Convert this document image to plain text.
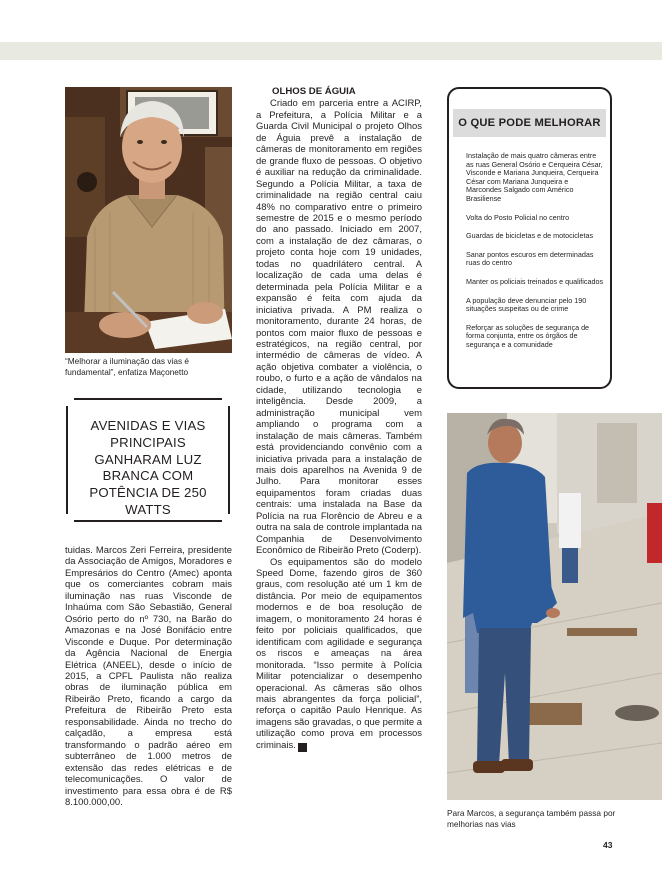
“Melhorar a iluminação das vias é fundamental”, enfatiza Maçonetto
AVENIDAS E VIAS PRINCIPAIS GANHARAM LUZ BRANCA COM POTÊNCIA DE 250 WATTS

tuidas. Marcos Zeri Ferreira, presidente da Associação de Amigos, Moradores e Empresários do Centro (Amec) aponta que os comerciantes cobram mais iluminação nas ruas Visconde de Inhaúma com São Sebastião, General Osório perto do nº 730, na Barão do Amazonas e na José Bonifácio entre Visconde e Duque. Por determinação da Agência Nacional de Energia Elétrica (ANEEL), desde o início de 2015, a CPFL Paulista não realiza obras de iluminação pública em Ribeirão Preto, ficando a cargo da Prefeitura de Ribeirão Preto esta responsabilidade. Ainda no trecho do calçadão, a empresa está transformando o padrão aéreo em subterrâneo de 1.000 metros de extensão das redes elétricas e de telecomunicações. O valor de investimento para essa obra é de R$ 8.100.000,00.

OLHOS DE ÁGUIA

Criado em parceria entre a ACIRP, a Prefeitura, a Polícia Militar e a Guarda Civil Municipal o projeto Olhos de Águia prevê a instalação de câmeras de monitoramento em regiões de grande fluxo de pessoas. O objetivo é auxiliar na redução da criminalidade. Segundo a Polícia Militar, a taxa de criminalidade na região central caiu 48% no comparativo entre o primeiro semestre de 2015 e o mesmo período do ano passado. Iniciado em 2007, com a instalação de dez câmaras, o projeto conta hoje com 19 unidades, todas no quadrilátero central. A localização de cada uma delas é determinada pela Polícia Militar e a expansão é feita com ajuda da iniciativa privada. A PM realiza o monitoramento, durante 24 horas, de pontos com maior fluxo de pessoas e estratégicos, na região central, por intermédio de câmeras de vídeo. A ação objetiva combater a violência, o roubo, o furto e a ação de vândalos na cidade, utilizando tecnologia e inteligência. Desde 2009, a administração municipal vem ampliando o programa com a instalação de mais câmeras. Também está providenciando convênio com a iniciativa privada para a instalação de mais dois aparelhos na Avenida 9 de Julho. Para monitorar esses equipamentos foram criadas duas centrais: uma instalada na Base da Polícia na rua Florêncio de Abreu e a outra na sala de controle implantada na Companhia de Desenvolvimento Econômico de Ribeirão Preto (Coderp).

Os equipamentos são do modelo Speed Dome, fazendo giros de 360 graus, com resolução até um 1 km de distância. Por meio de equipamentos modernos e de boa resolução de imagem, o monitoramento 24 horas é feito por policiais qualificados, que identificam com agilidade e segurança os riscos e ameaças na área monitorada. “Isso permite à Polícia Militar potencializar o desempenho operacional. As câmeras são olhos mais abrangentes da força policial”, reforça o capitão Paulo Henrique. As imagens são gravadas, o que permite a utilização como prova em processos criminais. T

O QUE PODE MELHORAR
Instalação de mais quatro câmeras entre as ruas General Osório e Cerqueira César, Visconde e Mariana Junqueira, Cerqueira César com Mariana Junqueira e Marcondes Salgado com Américo Brasiliense
Volta do Posto Policial no centro
Guardas de bicicletas e de motocicletas
Sanar pontos escuros em determinadas ruas do centro
Manter os policiais treinados e qualificados
A população deve denunciar pelo 190 situações suspeitas ou de crime
Reforçar as soluções de segurança de forma conjunta, entre os órgãos de segurança e a comunidade
Para Marcos, a segurança também passa por melhorias nas vias
43
